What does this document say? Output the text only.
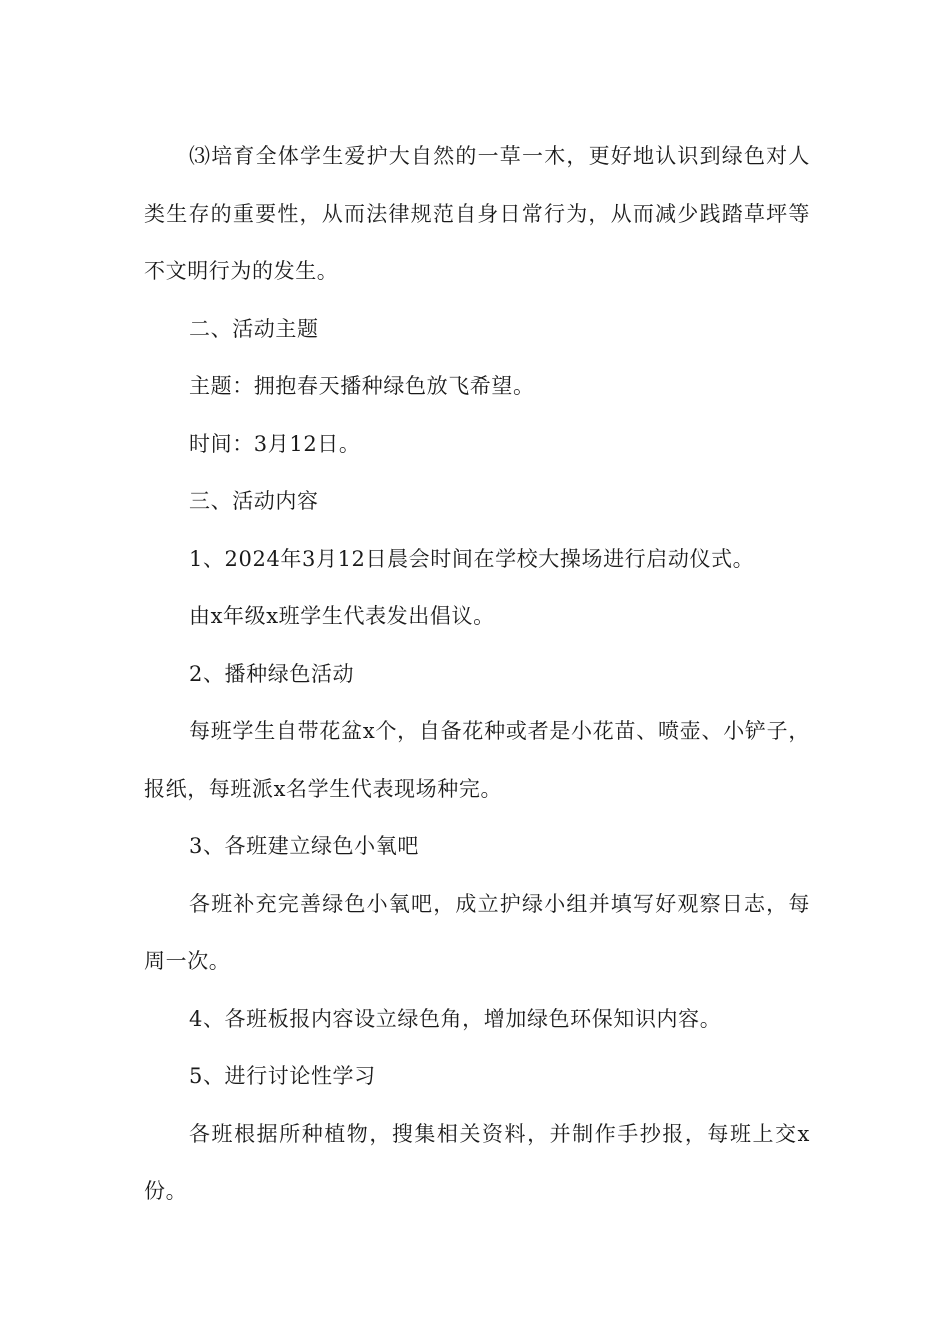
⑶培育全体学生爱护大自然的一草一木，更好地认识到绿色对人类生存的重要性，从而法律规范自身日常行为，从而减少践踏草坪等不文明行为的发生。

二、活动主题

主题：拥抱春天播种绿色放飞希望。

时间：3月12日。

三、活动内容

1、2024年3月12日晨会时间在学校大操场进行启动仪式。

由x年级x班学生代表发出倡议。

2、播种绿色活动

每班学生自带花盆x个，自备花种或者是小花苗、喷壶、小铲子，报纸，每班派x名学生代表现场种完。

3、各班建立绿色小氧吧

各班补充完善绿色小氧吧，成立护绿小组并填写好观察日志，每周一次。

4、各班板报内容设立绿色角，增加绿色环保知识内容。

5、进行讨论性学习

各班根据所种植物，搜集相关资料，并制作手抄报，每班上交x份。
